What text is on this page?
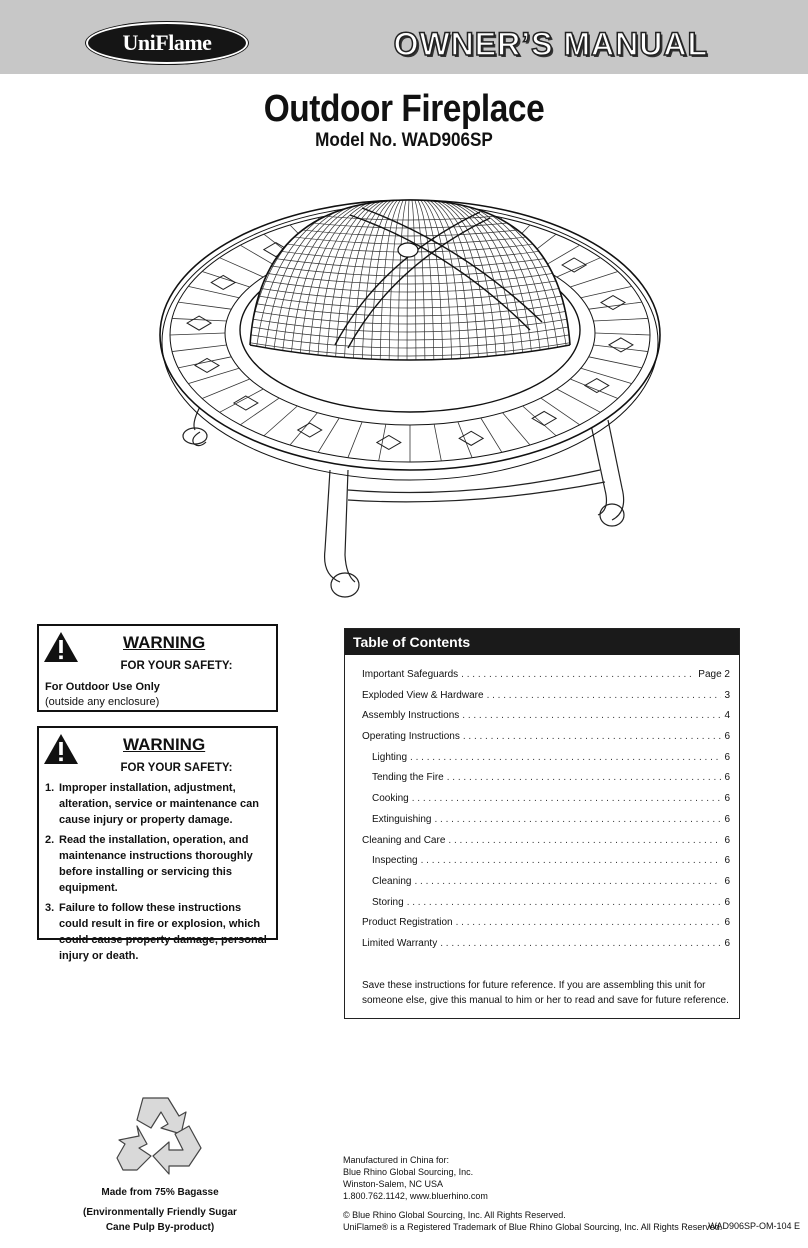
UniFlame	OWNER’S MANUAL
Outdoor Fireplace
Model No. WAD906SP
WARNING
FOR YOUR SAFETY:
For Outdoor Use Only
(outside any enclosure)
WARNING
FOR YOUR SAFETY:
1. Improper installation, adjustment, alteration, service or maintenance can cause injury or property damage.
2. Read the installation, operation, and maintenance instructions thoroughly before installing or servicing this equipment.
3. Failure to follow these instructions could result in fire or explosion, which could cause property damage, personal injury or death.
Table of Contents
Important Safeguards . . .	Page 2
Exploded View & Hardware . . .	3
Assembly Instructions . . .	4
Operating Instructions . . .	6
Lighting . . .	6
Tending the Fire . . .	6
Cooking . . .	6
Extinguishing . . .	6
Cleaning and Care . . .	6
Inspecting . . .	6
Cleaning . . .	6
Storing . . .	6
Product Registration . . .	6
Limited Warranty . . .	6
Save these instructions for future reference. If you are assembling this unit for someone else, give this manual to him or her to read and save for future reference.
Made from 75% Bagasse
(Environmentally Friendly Sugar Cane Pulp By-product)
Manufactured in China for:
Blue Rhino Global Sourcing, Inc.
Winston-Salem, NC USA
1.800.762.1142, www.bluerhino.com
© Blue Rhino Global Sourcing, Inc. All Rights Reserved.
UniFlame® is a Registered Trademark of Blue Rhino Global Sourcing, Inc. All Rights Reserved.
WAD906SP-OM-104 E
